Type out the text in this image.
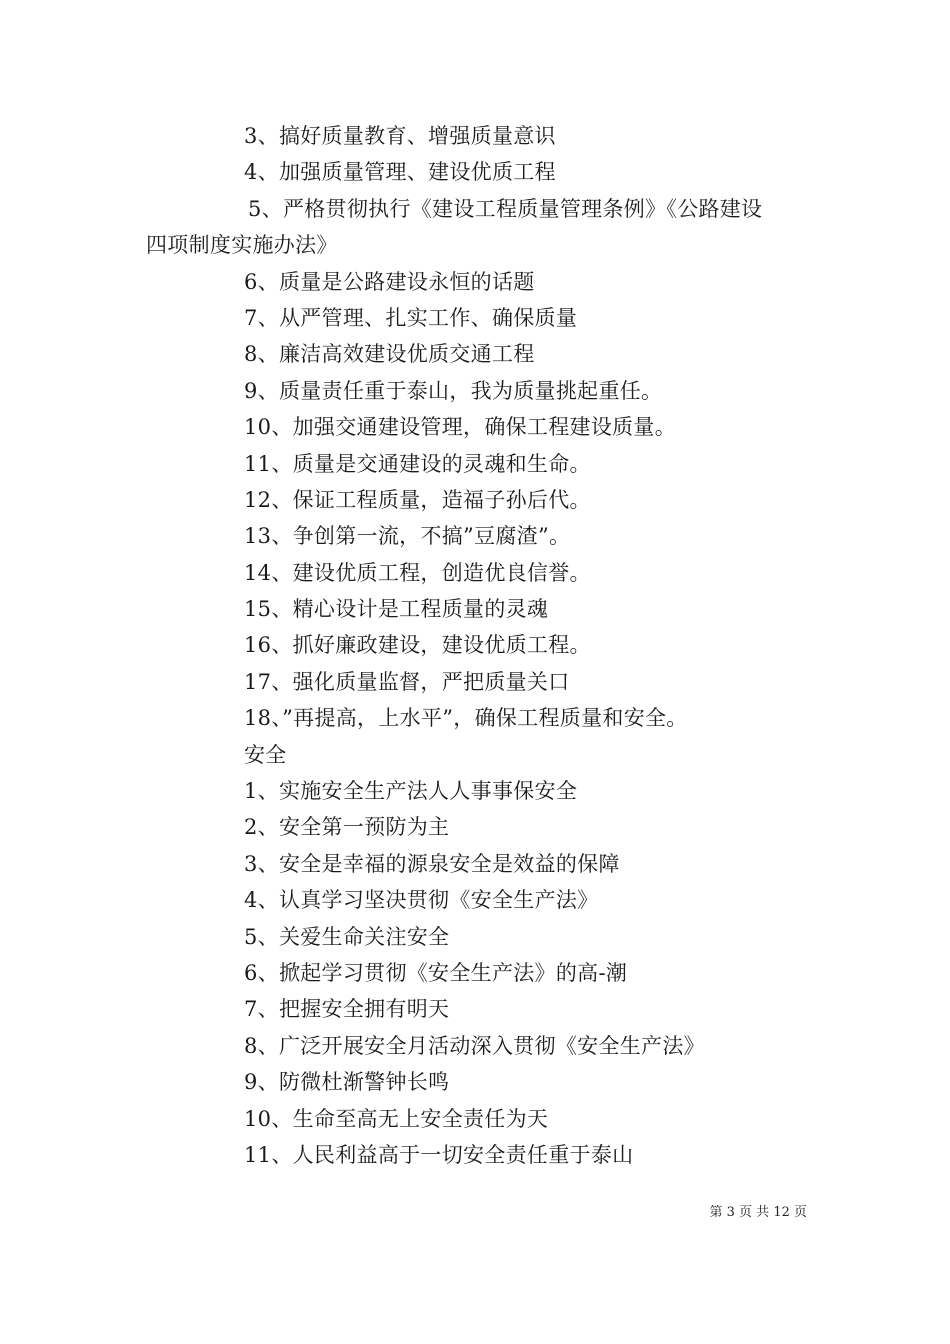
3、搞好质量教育、增强质量意识
4、加强质量管理、建设优质工程
5、严格贯彻执行《建设工程质量管理条例》《公路建设
四项制度实施办法》
6、质量是公路建设永恒的话题
7、从严管理、扎实工作、确保质量
8、廉洁高效建设优质交通工程
9、质量责任重于泰山，我为质量挑起重任。
10、加强交通建设管理，确保工程建设质量。
11、质量是交通建设的灵魂和生命。
12、保证工程质量，造福子孙后代。
13、争创第一流，不搞”豆腐渣”。
14、建设优质工程，创造优良信誉。
15、精心设计是工程质量的灵魂
16、抓好廉政建设，建设优质工程。
17、强化质量监督，严把质量关口
18、”再提高，上水平”，确保工程质量和安全。
安全
1、实施安全生产法人人事事保安全
2、安全第一预防为主
3、安全是幸福的源泉安全是效益的保障
4、认真学习坚决贯彻《安全生产法》
5、关爱生命关注安全
6、掀起学习贯彻《安全生产法》的高-潮
7、把握安全拥有明天
8、广泛开展安全月活动深入贯彻《安全生产法》
9、防微杜渐警钟长鸣
10、生命至高无上安全责任为天
11、人民利益高于一切安全责任重于泰山
第 3 页 共 12 页
